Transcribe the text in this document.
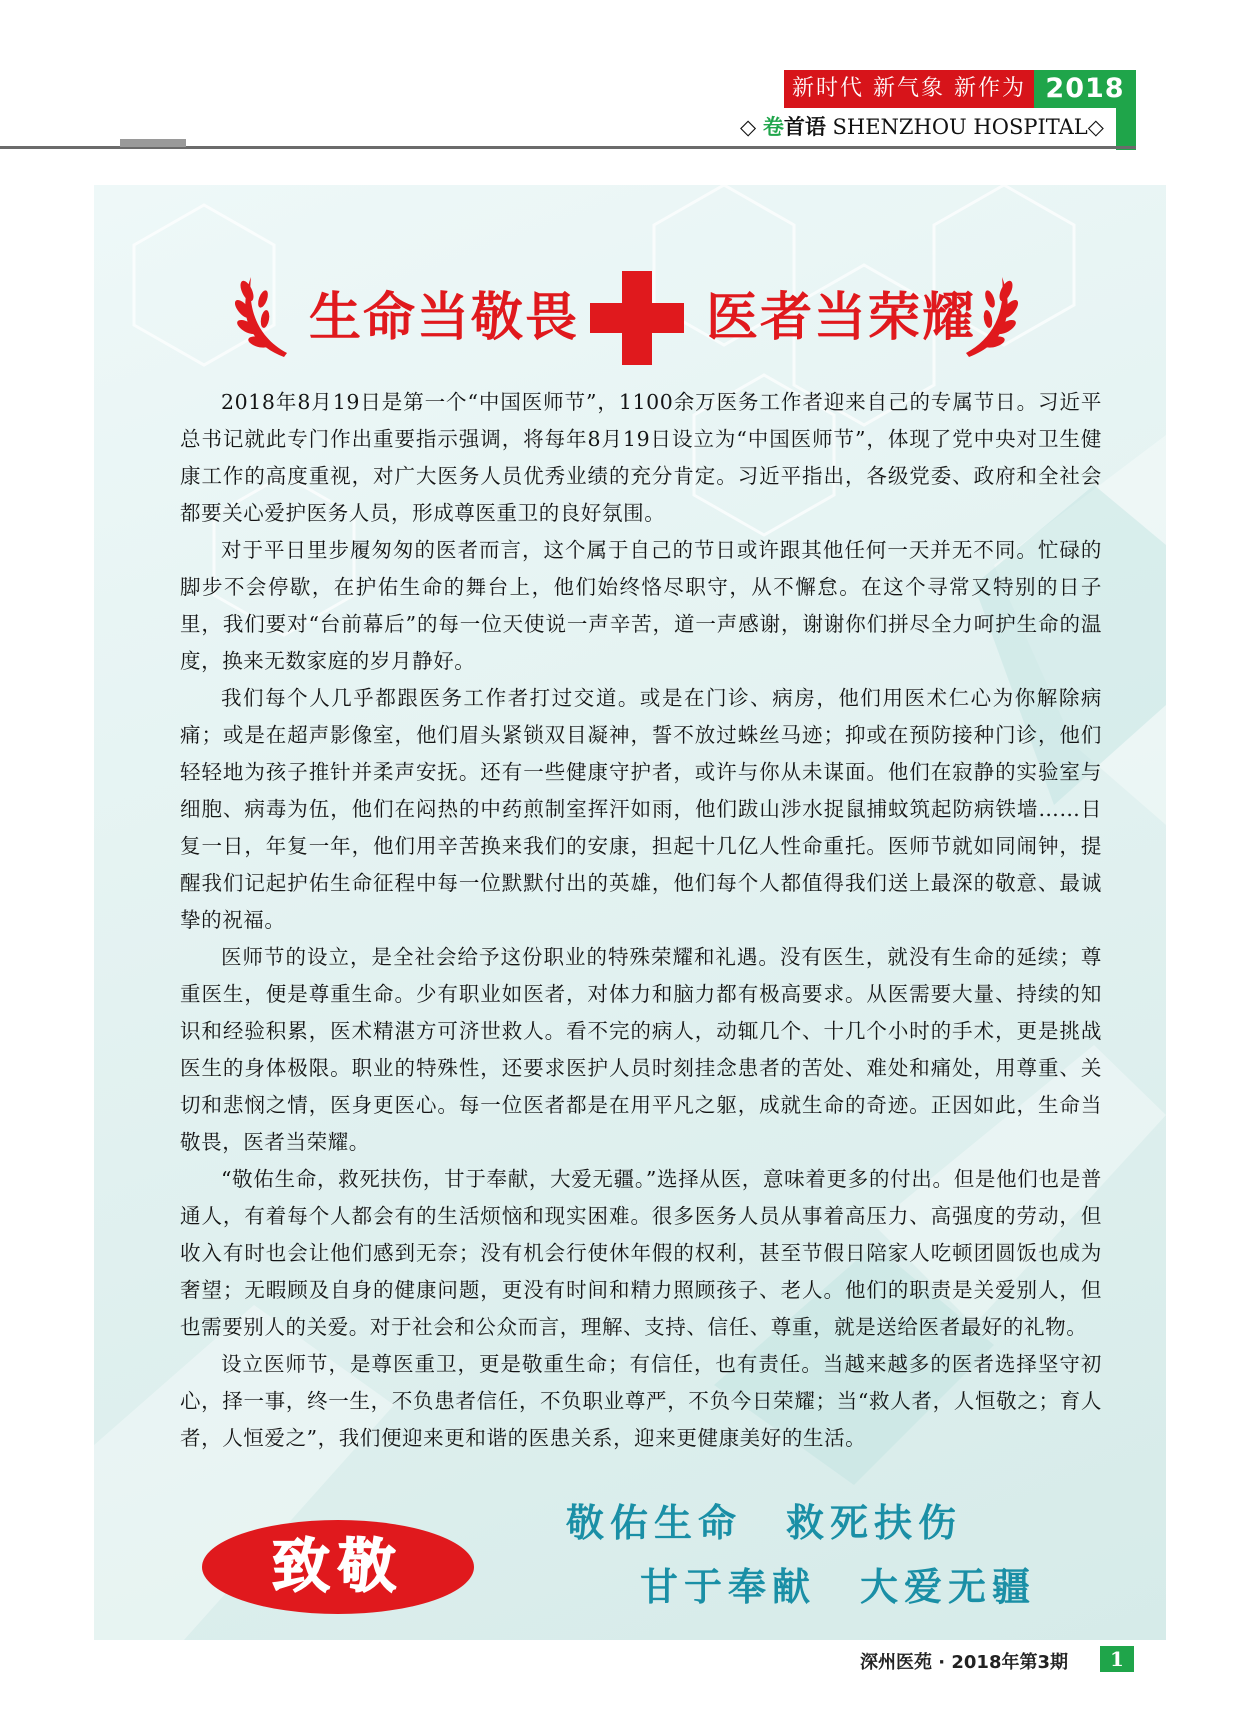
新时代 新气象 新作为 2018
◇ 卷首语 SHENZHOU HOSPITAL◇
生命当敬畏 医者当荣耀

2018年8月19日是第一个“中国医师节”，1100余万医务工作者迎来自己的专属节日。习近平总书记就此专门作出重要指示强调，将每年8月19日设立为“中国医师节”，体现了党中央对卫生健康工作的高度重视，对广大医务人员优秀业绩的充分肯定。习近平指出，各级党委、政府和全社会都要关心爱护医务人员，形成尊医重卫的良好氛围。

对于平日里步履匆匆的医者而言，这个属于自己的节日或许跟其他任何一天并无不同。忙碌的脚步不会停歇，在护佑生命的舞台上，他们始终恪尽职守，从不懈怠。在这个寻常又特别的日子里，我们要对“台前幕后”的每一位天使说一声辛苦，道一声感谢，谢谢你们拼尽全力呵护生命的温度，换来无数家庭的岁月静好。

我们每个人几乎都跟医务工作者打过交道。或是在门诊、病房，他们用医术仁心为你解除病痛；或是在超声影像室，他们眉头紧锁双目凝神，誓不放过蛛丝马迹；抑或在预防接种门诊，他们轻轻地为孩子推针并柔声安抚。还有一些健康守护者，或许与你从未谋面。他们在寂静的实验室与细胞、病毒为伍，他们在闷热的中药煎制室挥汗如雨，他们跋山涉水捉鼠捕蚊筑起防病铁墙……日复一日，年复一年，他们用辛苦换来我们的安康，担起十几亿人性命重托。医师节就如同闹钟，提醒我们记起护佑生命征程中每一位默默付出的英雄，他们每个人都值得我们送上最深的敬意、最诚挚的祝福。

医师节的设立，是全社会给予这份职业的特殊荣耀和礼遇。没有医生，就没有生命的延续；尊重医生，便是尊重生命。少有职业如医者，对体力和脑力都有极高要求。从医需要大量、持续的知识和经验积累，医术精湛方可济世救人。看不完的病人，动辄几个、十几个小时的手术，更是挑战医生的身体极限。职业的特殊性，还要求医护人员时刻挂念患者的苦处、难处和痛处，用尊重、关切和悲悯之情，医身更医心。每一位医者都是在用平凡之躯，成就生命的奇迹。正因如此，生命当敬畏，医者当荣耀。

“敬佑生命，救死扶伤，甘于奉献，大爱无疆。”选择从医，意味着更多的付出。但是他们也是普通人，有着每个人都会有的生活烦恼和现实困难。很多医务人员从事着高压力、高强度的劳动，但收入有时也会让他们感到无奈；没有机会行使休年假的权利，甚至节假日陪家人吃顿团圆饭也成为奢望；无暇顾及自身的健康问题，更没有时间和精力照顾孩子、老人。他们的职责是关爱别人，但也需要别人的关爱。对于社会和公众而言，理解、支持、信任、尊重，就是送给医者最好的礼物。

设立医师节，是尊医重卫，更是敬重生命；有信任，也有责任。当越来越多的医者选择坚守初心，择一事，终一生，不负患者信任，不负职业尊严，不负今日荣耀；当“救人者，人恒敬之；育人者，人恒爱之”，我们便迎来更和谐的医患关系，迎来更健康美好的生活。

致敬
敬佑生命 救死扶伤
甘于奉献 大爱无疆
深州医苑 · 2018年第3期	1
